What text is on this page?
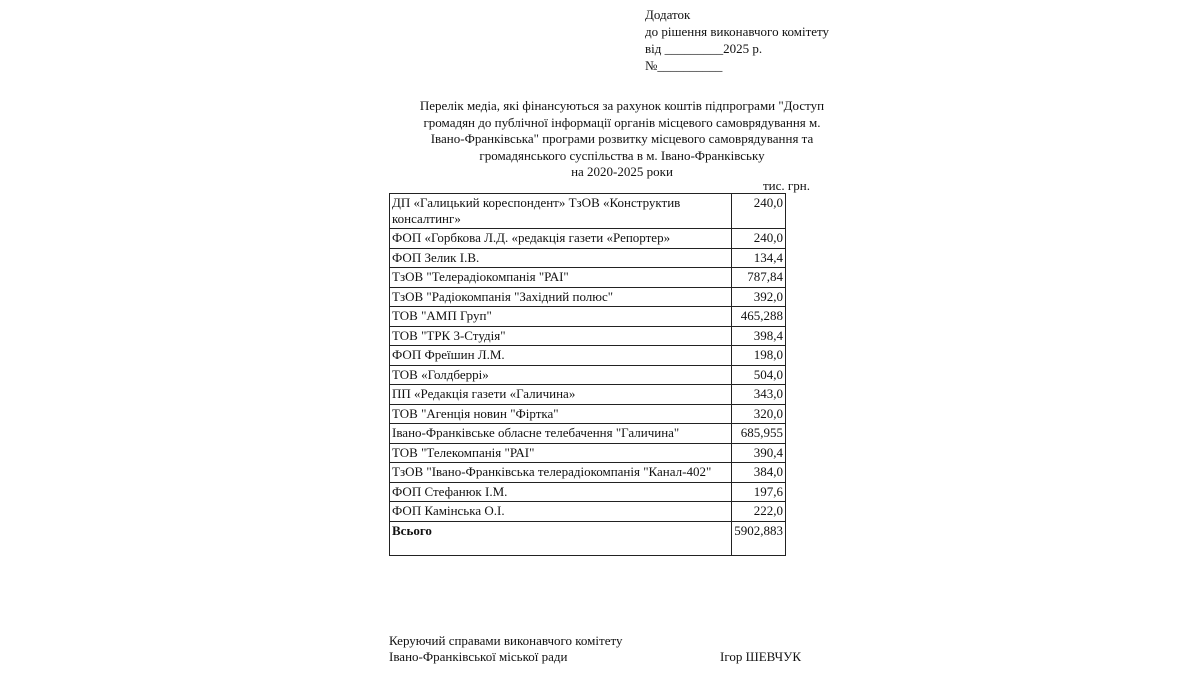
Додаток
до рішення виконавчого комітету
від _________2025 р.
№__________
Перелік медіа, які фінансуються за рахунок коштів підпрограми "Доступ
громадян до публічної інформації органів місцевого самоврядування м.
Івано-Франківська" програми розвитку місцевого самоврядування та
громадянського суспільства в м. Івано-Франківську
на 2020-2025 роки
тис. грн.
ДП «Галицький кореспондент» ТзОВ «Конструктив консалтинг»	240,0
ФОП «Горбкова Л.Д. «редакція газети «Репортер»	240,0
ФОП Зелик І.В.	134,4
ТзОВ "Телерадіокомпанія "РАІ"	787,84
ТзОВ "Радіокомпанія "Західний полюс"	392,0
ТОВ "АМП Груп"	465,288
ТОВ "ТРК 3-Студія"	398,4
ФОП Фреїшин Л.М.	198,0
ТОВ «Голдберрі»	504,0
ПП «Редакція газети «Галичина»	343,0
ТОВ "Агенція новин "Фіртка"	320,0
Івано-Франківське обласне телебачення "Галичина"	685,955
ТОВ "Телекомпанія "РАІ"	390,4
ТзОВ "Івано-Франківська телерадіокомпанія "Канал-402"	384,0
ФОП Стефанюк І.М.	197,6
ФОП Камінська О.І.	222,0
Всього	5902,883
Керуючий справами виконавчого комітету
Івано-Франківської міської ради	Ігор ШЕВЧУК
